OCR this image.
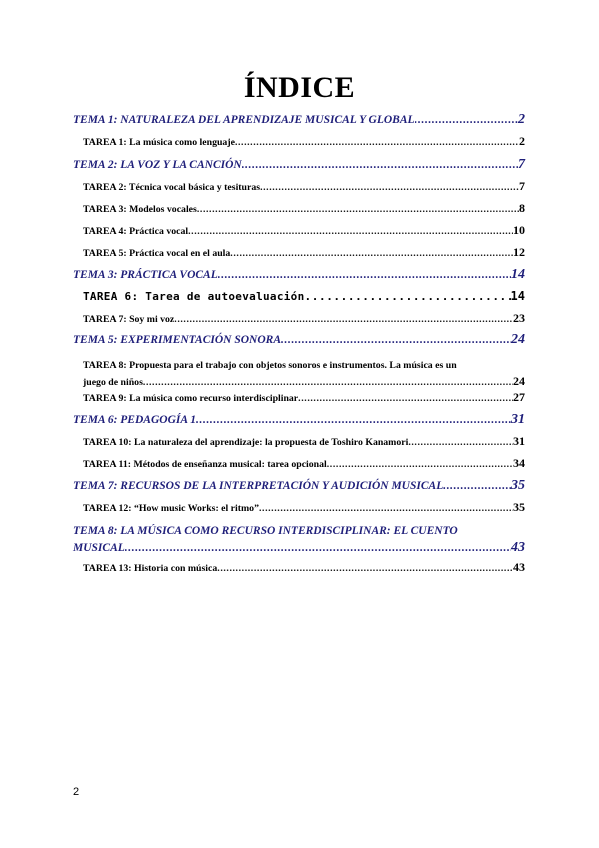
ÍNDICE
TEMA 1: NATURALEZA DEL APRENDIZAJE MUSICAL Y GLOBAL .....	2
TAREA 1: La música como lenguaje .....	2
TEMA 2: LA VOZ Y LA CANCIÓN .....	7
TAREA 2: Técnica vocal básica y tesituras .....	7
TAREA 3: Modelos vocales .....	8
TAREA 4: Práctica vocal .....	10
TAREA 5: Práctica vocal en el aula .....	12
TEMA 3: PRÁCTICA VOCAL .....	14
TAREA 6: Tarea de autoevaluación .....	14
TAREA 7: Soy mi voz .....	23
TEMA 5: EXPERIMENTACIÓN SONORA .....	24
TAREA 8: Propuesta para el trabajo con objetos sonoros e instrumentos. La música es un
juego de niños .....	24
TAREA 9: La música como recurso interdisciplinar .....	27
TEMA 6: PEDAGOGÍA 1 .....	31
TAREA 10: La naturaleza del aprendizaje: la propuesta de Toshiro Kanamori .....	31
TAREA 11: Métodos de enseñanza musical: tarea opcional .....	34
TEMA 7: RECURSOS DE LA INTERPRETACIÓN Y AUDICIÓN MUSICAL .....	35
TAREA 12: “How music Works: el ritmo” .....	35
TEMA 8: LA MÚSICA COMO RECURSO INTERDISCIPLINAR: EL CUENTO
MUSICAL .....	43
TAREA 13: Historia con música .....	43
2
